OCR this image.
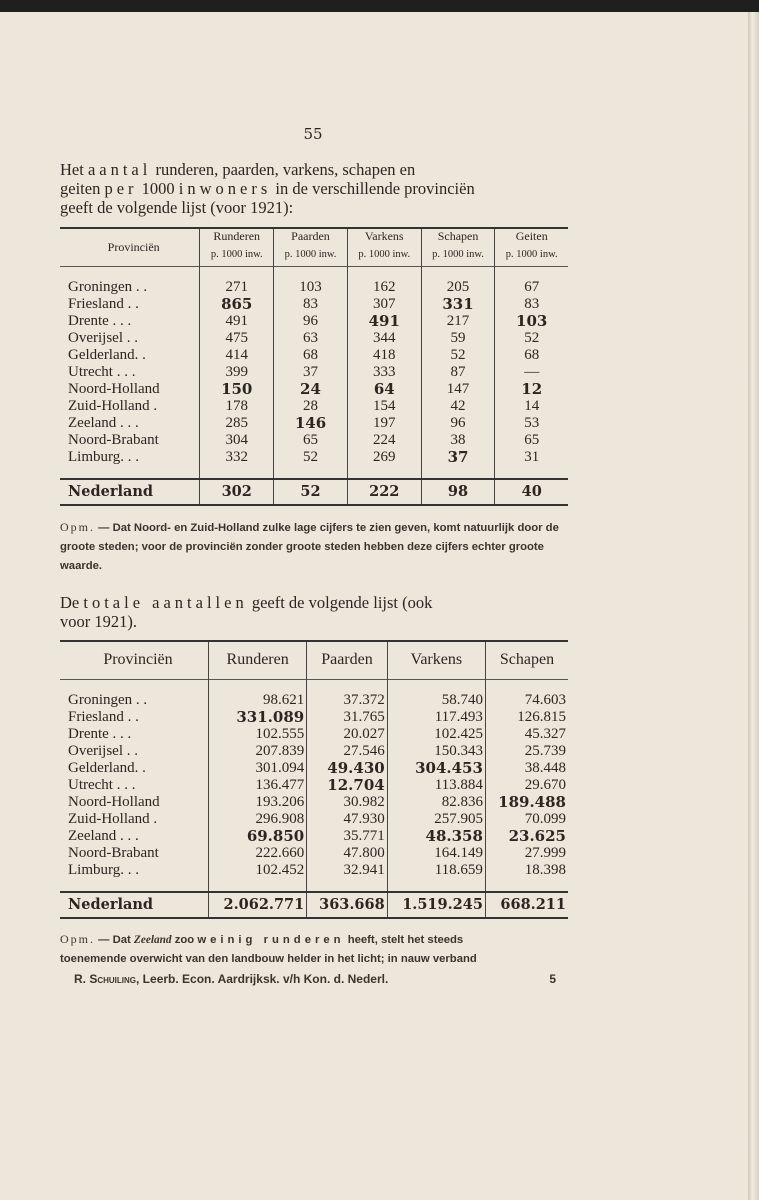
55
Het aantal runderen, paarden, varkens, schapen en
geiten per 1000 inwoners in de verschillende provinciën
geeft de volgende lijst (voor 1921):
Provinciën	Runderen	Paarden	Varkens	Schapen	Geiten
	p. 1000 inw.	p. 1000 inw.	p. 1000 inw.	p. 1000 inw.	p. 1000 inw.

Groningen . .	271	103	162	205	67
Friesland . .	865	83	307	331	83
Drente . . .	491	96	491	217	103
Overijsel . .	475	63	344	59	52
Gelderland. .	414	68	418	52	68
Utrecht . . .	399	37	333	87	—
Noord-Holland	150	24	64	147	12
Zuid-Holland .	178	28	154	42	14
Zeeland . . .	285	146	197	96	53
Noord-Brabant	304	65	224	38	65
Limburg. . .	332	52	269	37	31

Nederland	302	52	222	98	40
Opm. — Dat Noord- en Zuid-Holland zulke lage cijfers te zien geven, komt natuurlijk door de groote steden; voor de provinciën zonder groote steden hebben deze cijfers echter groote waarde.
De totale aantallen geeft de volgende lijst (ook
voor 1921).
Provinciën	Runderen	Paarden	Varkens	Schapen

Groningen . .	98.621	37.372	58.740	74.603
Friesland . .	331.089	31.765	117.493	126.815
Drente . . .	102.555	20.027	102.425	45.327
Overijsel . .	207.839	27.546	150.343	25.739
Gelderland. .	301.094	49.430	304.453	38.448
Utrecht . . .	136.477	12.704	113.884	29.670
Noord-Holland	193.206	30.982	82.836	189.488
Zuid-Holland .	296.908	47.930	257.905	70.099
Zeeland . . .	69.850	35.771	48.358	23.625
Noord-Brabant	222.660	47.800	164.149	27.999
Limburg. . .	102.452	32.941	118.659	18.398

Nederland	2.062.771	363.668	1.519.245	668.211
Opm. — Dat Zeeland zoo weinig runderen heeft, stelt het steeds
toenemende overwicht van den landbouw helder in het licht; in nauw verband
R. Schuiling, Leerb. Econ. Aardrijksk. v/h Kon. d. Nederl.	5
